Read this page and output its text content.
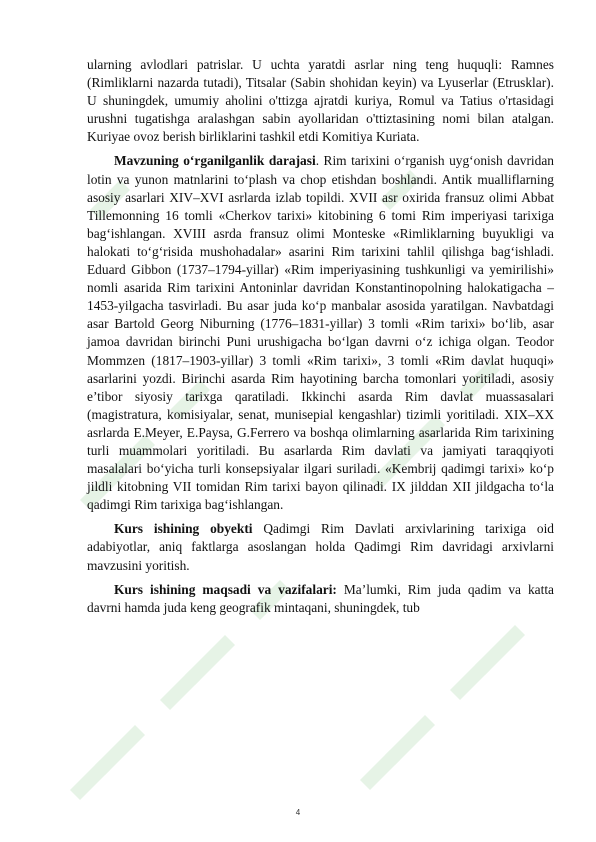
ularning avlodlari patrislar. U uchta yaratdi asrlar ning teng huquqli: Ramnes (Rimliklarni nazarda tutadi), Titsalar (Sabin shohidan keyin) va Lyuserlar (Etrusklar). U shuningdek, umumiy aholini o'ttizga ajratdi kuriya, Romul va Tatius o'rtasidagi urushni tugatishga aralashgan sabin ayollaridan o'ttiztasining nomi bilan atalgan. Kuriyae ovoz berish birliklarini tashkil etdi Komitiya Kuriata.

Mavzuning o‘rganilganlik darajasi. Rim tarixini o‘rganish uyg‘onish davridan lotin va yunon matnlarini to‘plash va chop etishdan boshlandi. Antik mualliflarning asosiy asarlari XIV–XVI asrlarda izlab topildi. XVII asr oxirida fransuz olimi Abbat Tillemonning 16 tomli «Cherkov tarixi» kitobining 6 tomi Rim imperiyasi tarixiga bag‘ishlangan. XVIII asrda fransuz olimi Monteske «Rimliklarning buyukligi va halokati to‘g‘risida mushohadalar» asarini Rim tarixini tahlil qilishga bag‘ishladi. Eduard Gibbon (1737–1794-yillar) «Rim imperiyasining tushkunligi va yemirilishi» nomli asarida Rim tarixini Antoninlar davridan Konstantinopolning halokatigacha – 1453-yilgacha tasvirladi. Bu asar juda ko‘p manbalar asosida yaratilgan. Navbatdagi asar Bartold Georg Niburning (1776–1831-yillar) 3 tomli «Rim tarixi» bo‘lib, asar jamoa davridan birinchi Puni urushigacha bo‘lgan davrni o‘z ichiga olgan. Teodor Mommzen (1817–1903-yillar) 3 tomli «Rim tarixi», 3 tomli «Rim davlat huquqi» asarlarini yozdi. Birinchi asarda Rim hayotining barcha tomonlari yoritiladi, asosiy e’tibor siyosiy tarixga qaratiladi. Ikkinchi asarda Rim davlat muassasalari (magistratura, komisiyalar, senat, munisepial kengashlar) tizimli yoritiladi. XIX–XX asrlarda E.Meyer, E.Paysa, G.Ferrero va boshqa olimlarning asarlarida Rim tarixining turli muammolari yoritiladi. Bu asarlarda Rim davlati va jamiyati taraqqiyoti masalalari bo‘yicha turli konsepsiyalar ilgari suriladi. «Kembrij qadimgi tarixi» ko‘p jildli kitobning VII tomidan Rim tarixi bayon qilinadi. IX jilddan XII jildgacha to‘la qadimgi Rim tarixiga bag‘ishlangan.

Kurs ishining obyekti Qadimgi Rim Davlati arxivlarining tarixiga oid adabiyotlar, aniq faktlarga asoslangan holda Qadimgi Rim davridagi arxivlarni mavzusini yoritish.

Kurs ishining maqsadi va vazifalari: Ma’lumki, Rim juda qadim va katta davrni hamda juda keng geografik mintaqani, shuningdek, tub

4
